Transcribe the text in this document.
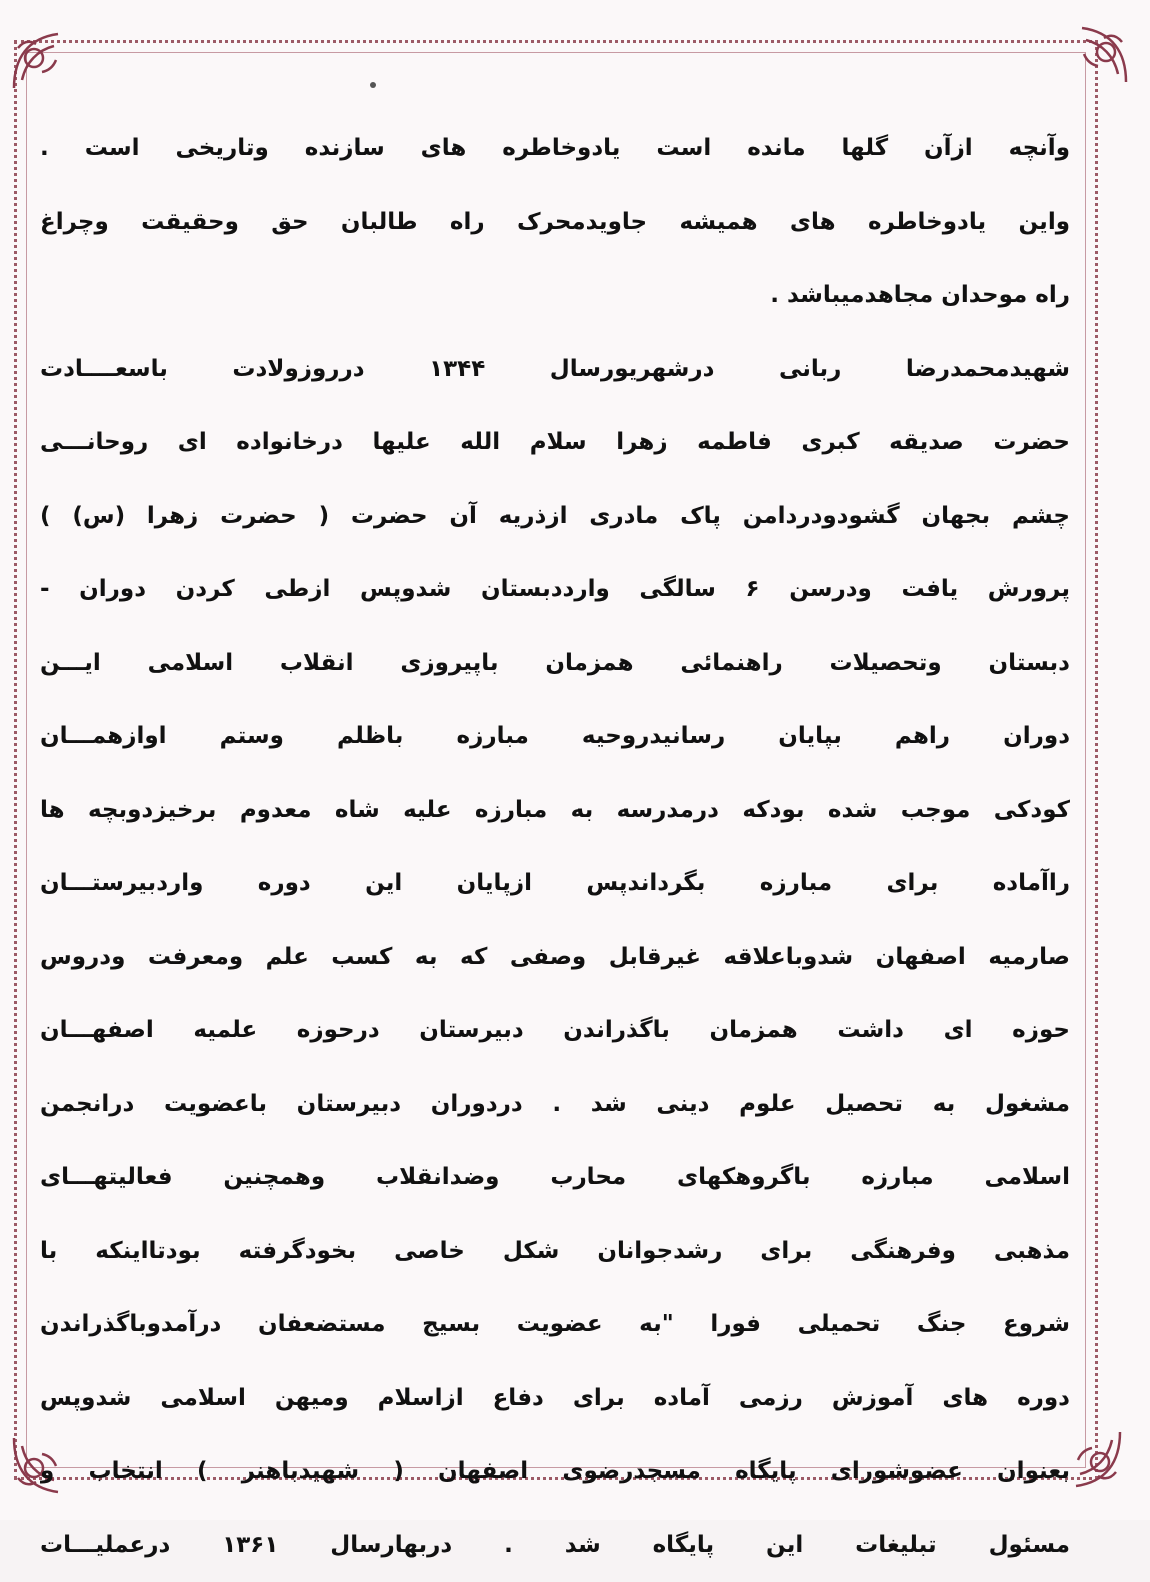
وآنچه ازآن گلها مانده است یادوخاطره های سازنده وتاریخی است .
واین یادوخاطره های همیشه جاویدمحرک راه طالبان حق وحقیقت وچراغ
راه موحدان مجاهدمیباشد .
شهیدمحمدرضا ربانی درشهریورسال ۱۳۴۴ درروزولادت باسعــــادت
حضرت صدیقه کبری فاطمه زهرا سلام الله علیها درخانواده ای روحانـــی
چشم بجهان گشودودردامن پاک مادری ازذریه آن حضرت ( حضرت زهرا (س) )
پرورش یافت ودرسن ۶ سالگی وارددبستان شدوپس ازطی کردن دوران -
دبستان وتحصیلات راهنمائی همزمان باپیروزی انقلاب اسلامی ایـــن
دوران راهم بپایان رسانیدروحیه مبارزه باظلم وستم اوازهمـــان
کودکی موجب شده بودکه درمدرسه به مبارزه علیه شاه معدوم برخیزدوبچه ها
راآماده برای مبارزه بگرداندپس ازپایان این دوره واردبیرستـــان
صارمیه اصفهان شدوباعلاقه غیرقابل وصفی که به کسب علم ومعرفت ودروس
حوزه ای داشت همزمان باگذراندن دبیرستان درحوزه علمیه اصفهـــان
مشغول به تحصیل علوم دینی شد . دردوران دبیرستان باعضویت درانجمن
اسلامی مبارزه باگروهکهای محارب وضدانقلاب وهمچنین فعالیتهـــای
مذهبی وفرهنگی برای رشدجوانان شکل خاصی بخودگرفته بودتااینکه با
شروع جنگ تحمیلی فورا "به عضویت بسیج مستضعفان درآمدوباگذراندن
دوره های آموزش رزمی آماده برای دفاع ازاسلام ومیهن اسلامی شدوپس
بعنوان عضوشورای پایگاه مسجدرضوی اصفهان ( شهیدباهنر ) انتخاب و
مسئول تبلیغات این پایگاه شد . دربهارسال ۱۳۶۱ درعملیـــات
